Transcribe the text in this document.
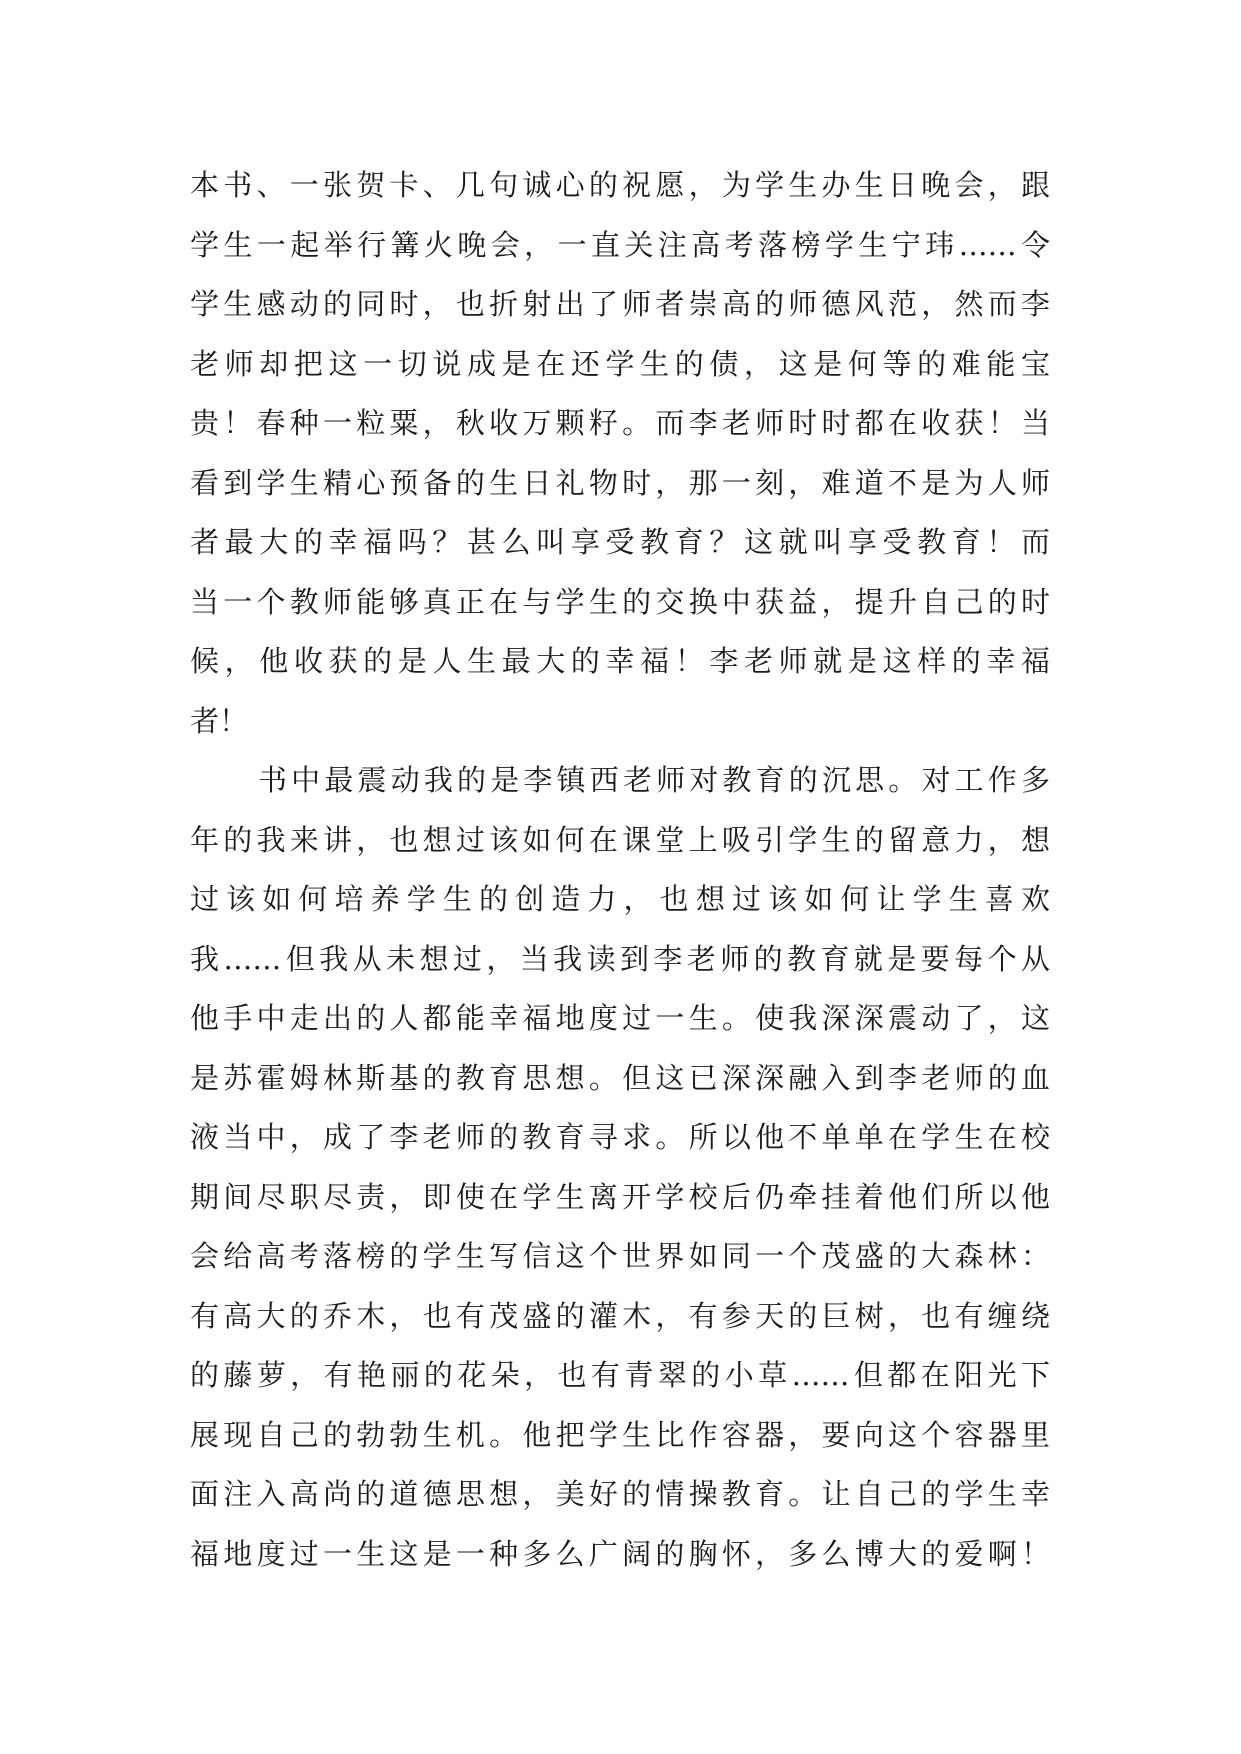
本书、一张贺卡、几句诚心的祝愿，为学生办生日晚会，跟
学生一起举行篝火晚会，一直关注高考落榜学生宁玮……令
学生感动的同时，也折射出了师者崇高的师德风范，然而李
老师却把这一切说成是在还学生的债，这是何等的难能宝
贵！春种一粒粟，秋收万颗籽。而李老师时时都在收获！当
看到学生精心预备的生日礼物时，那一刻，难道不是为人师
者最大的幸福吗？甚么叫享受教育？这就叫享受教育！而
当一个教师能够真正在与学生的交换中获益，提升自己的时
候，他收获的是人生最大的幸福！李老师就是这样的幸福
者！
书中最震动我的是李镇西老师对教育的沉思。对工作多
年的我来讲，也想过该如何在课堂上吸引学生的留意力，想
过该如何培养学生的创造力，也想过该如何让学生喜欢
我……但我从未想过，当我读到李老师的教育就是要每个从
他手中走出的人都能幸福地度过一生。使我深深震动了，这
是苏霍姆林斯基的教育思想。但这已深深融入到李老师的血
液当中，成了李老师的教育寻求。所以他不单单在学生在校
期间尽职尽责，即使在学生离开学校后仍牵挂着他们所以他
会给高考落榜的学生写信这个世界如同一个茂盛的大森林：
有高大的乔木，也有茂盛的灌木，有参天的巨树，也有缠绕
的藤萝，有艳丽的花朵，也有青翠的小草……但都在阳光下
展现自己的勃勃生机。他把学生比作容器，要向这个容器里
面注入高尚的道德思想，美好的情操教育。让自己的学生幸
福地度过一生这是一种多么广阔的胸怀，多么博大的爱啊！
